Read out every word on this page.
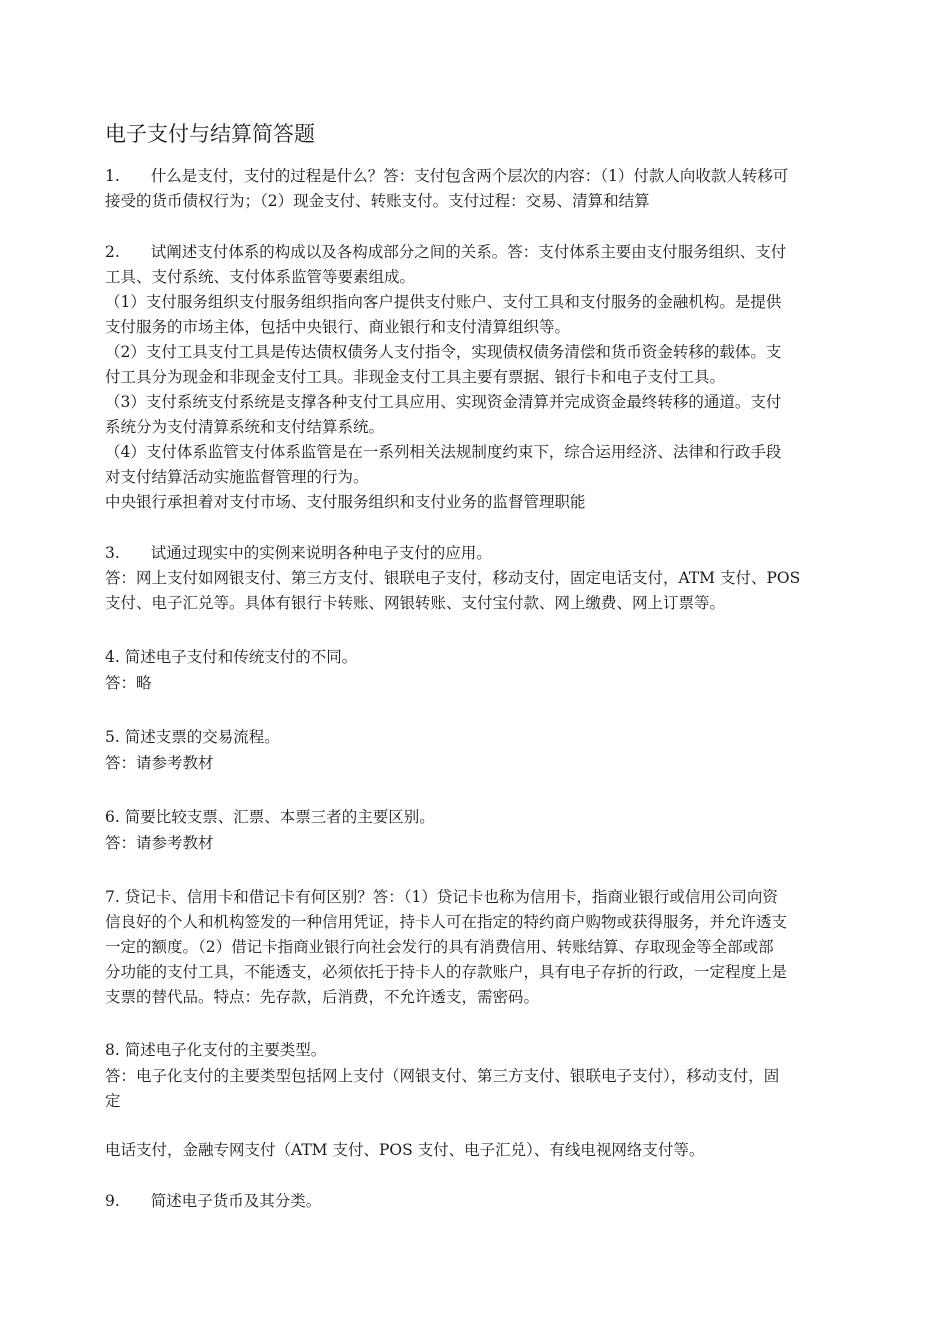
电子支付与结算简答题
1.　　什么是支付，支付的过程是什么？答：支付包含两个层次的内容：（1）付款人向收款人转移可
接受的货币债权行为；（2）现金支付、转账支付。支付过程：交易、清算和结算
2.　　试阐述支付体系的构成以及各构成部分之间的关系。答：支付体系主要由支付服务组织、支付
工具、支付系统、支付体系监管等要素组成。
（1）支付服务组织支付服务组织指向客户提供支付账户、支付工具和支付服务的金融机构。是提供
支付服务的市场主体，包括中央银行、商业银行和支付清算组织等。
（2）支付工具支付工具是传达债权债务人支付指令，实现债权债务清偿和货币资金转移的载体。支
付工具分为现金和非现金支付工具。非现金支付工具主要有票据、银行卡和电子支付工具。
（3）支付系统支付系统是支撑各种支付工具应用、实现资金清算并完成资金最终转移的通道。支付
系统分为支付清算系统和支付结算系统。
（4）支付体系监管支付体系监管是在一系列相关法规制度约束下，综合运用经济、法律和行政手段
对支付结算活动实施监督管理的行为。
中央银行承担着对支付市场、支付服务组织和支付业务的监督管理职能
3.　　试通过现实中的实例来说明各种电子支付的应用。
答：网上支付如网银支付、第三方支付、银联电子支付，移动支付，固定电话支付，ATM 支付、POS
支付、电子汇兑等。具体有银行卡转账、网银转账、支付宝付款、网上缴费、网上订票等。
4. 简述电子支付和传统支付的不同。
答：略
5. 简述支票的交易流程。
答：请参考教材
6. 简要比较支票、汇票、本票三者的主要区别。
答：请参考教材
7. 贷记卡、信用卡和借记卡有何区别？答：（1）贷记卡也称为信用卡，指商业银行或信用公司向资
信良好的个人和机构签发的一种信用凭证，持卡人可在指定的特约商户购物或获得服务，并允许透支
一定的额度。（2）借记卡指商业银行向社会发行的具有消费信用、转账结算、存取现金等全部或部
分功能的支付工具，不能透支，必须依托于持卡人的存款账户，具有电子存折的行政，一定程度上是
支票的替代品。特点：先存款，后消费，不允许透支，需密码。
8. 简述电子化支付的主要类型。
答：电子化支付的主要类型包括网上支付（网银支付、第三方支付、银联电子支付），移动支付，固
定
电话支付，金融专网支付（ATM 支付、POS 支付、电子汇兑）、有线电视网络支付等。
9.　　简述电子货币及其分类。
